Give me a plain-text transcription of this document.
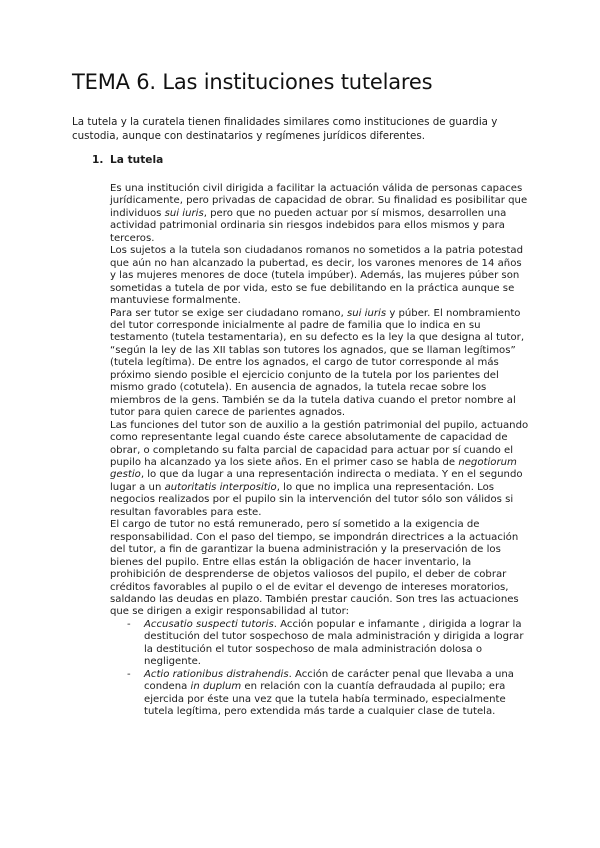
TEMA 6. Las instituciones tutelares

La tutela y la curatela tienen finalidades similares como instituciones de guardia y custodia, aunque con destinatarios y regímenes jurídicos diferentes.

1. La tutela

Es una institución civil dirigida a facilitar la actuación válida de personas capaces jurídicamente, pero privadas de capacidad de obrar. Su finalidad es posibilitar que individuos sui iuris, pero que no pueden actuar por sí mismos, desarrollen una actividad patrimonial ordinaria sin riesgos indebidos para ellos mismos y para terceros.

Los sujetos a la tutela son ciudadanos romanos no sometidos a la patria potestad que aún no han alcanzado la pubertad, es decir, los varones menores de 14 años y las mujeres menores de doce (tutela impúber). Además, las mujeres púber son sometidas a tutela de por vida, esto se fue debilitando en la práctica aunque se mantuviese formalmente.

Para ser tutor se exige ser ciudadano romano, sui iuris y púber. El nombramiento del tutor corresponde inicialmente al padre de familia que lo indica en su testamento (tutela testamentaria), en su defecto es la ley la que designa al tutor, “según la ley de las XII tablas son tutores los agnados, que se llaman legítimos” (tutela legítima). De entre los agnados, el cargo de tutor corresponde al más próximo siendo posible el ejercicio conjunto de la tutela por los parientes del mismo grado (cotutela). En ausencia de agnados, la tutela recae sobre los miembros de la gens. También se da la tutela dativa cuando el pretor nombre al tutor para quien carece de parientes agnados.

Las funciones del tutor son de auxilio a la gestión patrimonial del pupilo, actuando como representante legal cuando éste carece absolutamente de capacidad de obrar, o completando su falta parcial de capacidad para actuar por sí cuando el pupilo ha alcanzado ya los siete años. En el primer caso se habla de negotiorum gestio, lo que da lugar a una representación indirecta o mediata. Y en el segundo lugar a un autoritatis interpositio, lo que no implica una representación. Los negocios realizados por el pupilo sin la intervención del tutor sólo son válidos si resultan favorables para este.

El cargo de tutor no está remunerado, pero sí sometido a la exigencia de responsabilidad. Con el paso del tiempo, se impondrán directrices a la actuación del tutor, a fin de garantizar la buena administración y la preservación de los bienes del pupilo. Entre ellas están la obligación de hacer inventario, la prohibición de desprenderse de objetos valiosos del pupilo, el deber de cobrar créditos favorables al pupilo o el de evitar el devengo de intereses moratorios, saldando las deudas en plazo. También prestar caución. Son tres las actuaciones que se dirigen a exigir responsabilidad al tutor:

- Accusatio suspecti tutoris. Acción popular e infamante , dirigida a lograr la destitución del tutor sospechoso de mala administración y dirigida a lograr la destitución el tutor sospechoso de mala administración dolosa o negligente.
- Actio rationibus distrahendis. Acción de carácter penal que llevaba a una condena in duplum en relación con la cuantía defraudada al pupilo; era ejercida por éste una vez que la tutela había terminado, especialmente tutela legítima, pero extendida más tarde a cualquier clase de tutela.
